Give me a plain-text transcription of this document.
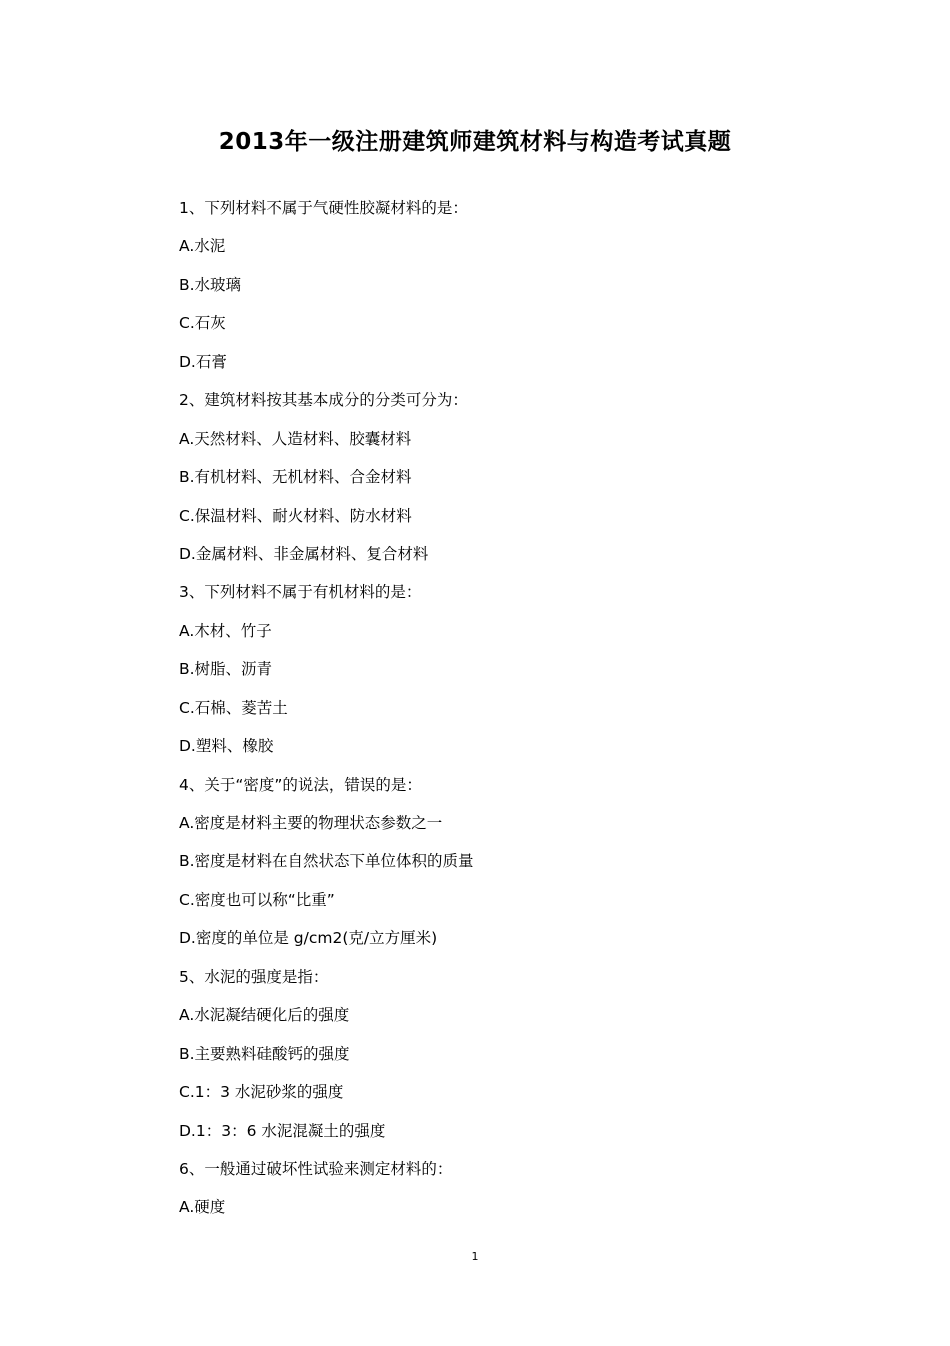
2013年一级注册建筑师建筑材料与构造考试真题
1、下列材料不属于气硬性胶凝材料的是：
A.水泥
B.水玻璃
C.石灰
D.石膏
2、建筑材料按其基本成分的分类可分为：
A.天然材料、人造材料、胶囊材料
B.有机材料、无机材料、合金材料
C.保温材料、耐火材料、防水材料
D.金属材料、非金属材料、复合材料
3、下列材料不属于有机材料的是：
A.木材、竹子
B.树脂、沥青
C.石棉、菱苦土
D.塑料、橡胶
4、关于“密度”的说法，错误的是：
A.密度是材料主要的物理状态参数之一
B.密度是材料在自然状态下单位体积的质量
C.密度也可以称“比重”
D.密度的单位是 g/cm2(克/立方厘米)
5、水泥的强度是指：
A.水泥凝结硬化后的强度
B.主要熟料硅酸钙的强度
C.1：3 水泥砂浆的强度
D.1：3：6 水泥混凝土的强度
6、一般通过破坏性试验来测定材料的：
A.硬度
1
